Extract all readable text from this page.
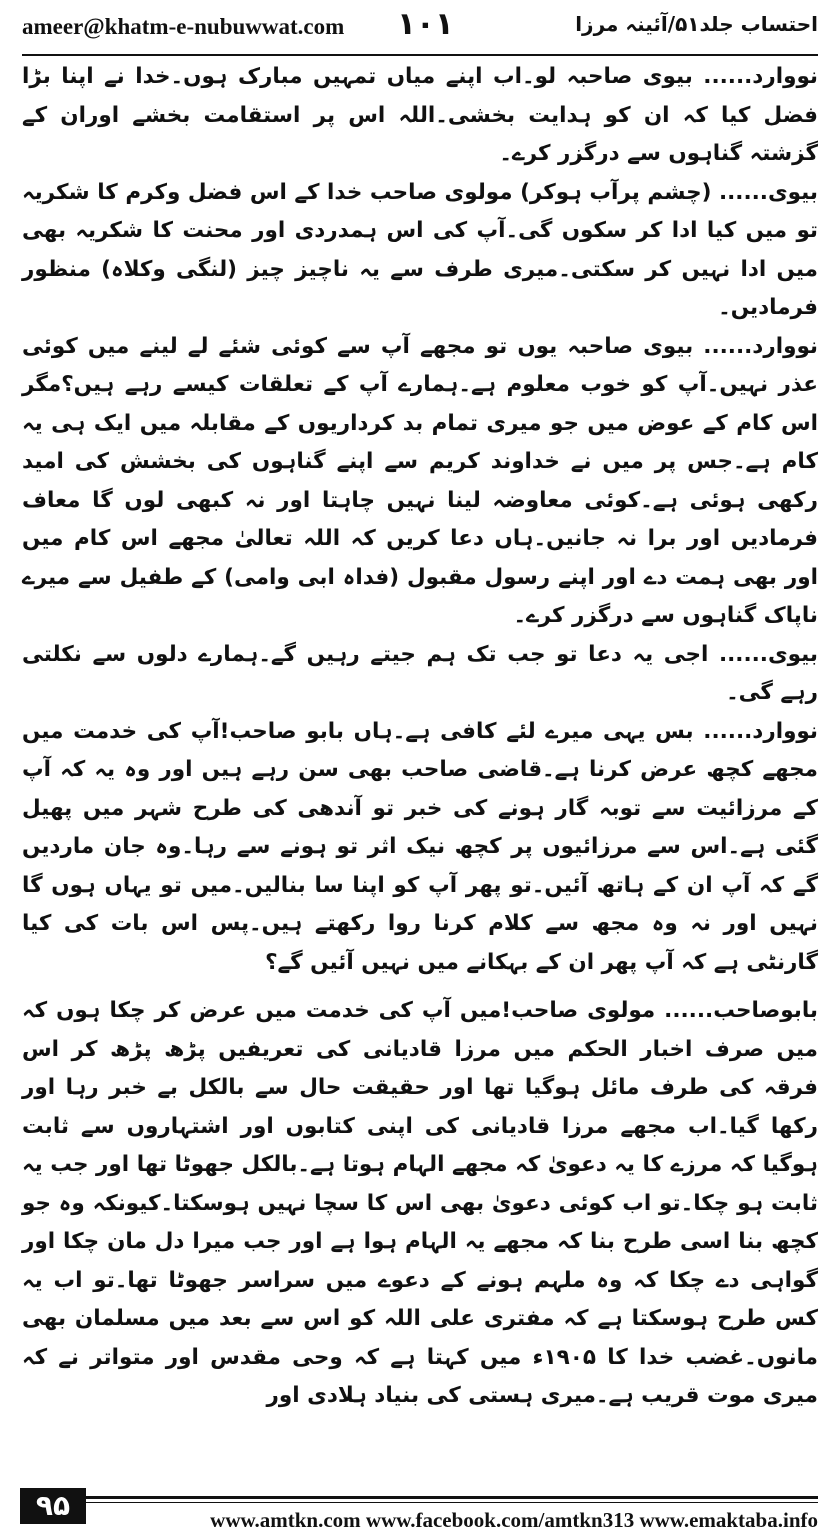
ameer@khatm-e-nubuwwat.com ۱۰۱	احتساب جلد۵۱/آئینہ مرزا

نووارد...... بیوی صاحبہ لو۔اب اپنے میاں تمہیں مبارک ہوں۔خدا نے اپنا بڑا فضل کیا کہ ان کو ہدایت بخشی۔اللہ اس پر استقامت بخشے اوران کے گزشتہ گناہوں سے درگزر کرے۔

بیوی...... (چشم پرآب ہوکر) مولوی صاحب خدا کے اس فضل وکرم کا شکریہ تو میں کیا ادا کر سکوں گی۔آپ کی اس ہمدردی اور محنت کا شکریہ بھی میں ادا نہیں کر سکتی۔میری طرف سے یہ ناچیز چیز (لنگی وکلاہ) منظور فرمادیں۔

نووارد...... بیوی صاحبہ یوں تو مجھے آپ سے کوئی شئے لے لینے میں کوئی عذر نہیں۔آپ کو خوب معلوم ہے۔ہمارے آپ کے تعلقات کیسے رہے ہیں؟مگر اس کام کے عوض میں جو میری تمام بد کرداریوں کے مقابلہ میں ایک ہی یہ کام ہے۔جس پر میں نے خداوند کریم سے اپنے گناہوں کی بخشش کی امید رکھی ہوئی ہے۔کوئی معاوضہ لینا نہیں چاہتا اور نہ کبھی لوں گا معاف فرمادیں اور برا نہ جانیں۔ہاں دعا کریں کہ اللہ تعالیٰ مجھے اس کام میں اور بھی ہمت دے اور اپنے رسول مقبول (فداہ ابی وامی) کے طفیل سے میرے ناپاک گناہوں سے درگزر کرے۔

بیوی...... اجی یہ دعا تو جب تک ہم جیتے رہیں گے۔ہمارے دلوں سے نکلتی رہے گی۔

نووارد...... بس یہی میرے لئے کافی ہے۔ہاں بابو صاحب!آپ کی خدمت میں مجھے کچھ عرض کرنا ہے۔قاضی صاحب بھی سن رہے ہیں اور وہ یہ کہ آپ کے مرزائیت سے توبہ گار ہونے کی خبر تو آندھی کی طرح شہر میں پھیل گئی ہے۔اس سے مرزائیوں پر کچھ نیک اثر تو ہونے سے رہا۔وہ جان ماردیں گے کہ آپ ان کے ہاتھ آئیں۔تو پھر آپ کو اپنا سا بنالیں۔میں تو یہاں ہوں گا نہیں اور نہ وہ مجھ سے کلام کرنا روا رکھتے ہیں۔پس اس بات کی کیا گارنٹی ہے کہ آپ پھر ان کے بہکانے میں نہیں آئیں گے؟

بابوصاحب...... مولوی صاحب!میں آپ کی خدمت میں عرض کر چکا ہوں کہ میں صرف اخبار الحکم میں مرزا قادیانی کی تعریفیں پڑھ پڑھ کر اس فرقہ کی طرف مائل ہوگیا تھا اور حقیقت حال سے بالکل بے خبر رہا اور رکھا گیا۔اب مجھے مرزا قادیانی کی اپنی کتابوں اور اشتہاروں سے ثابت ہوگیا کہ مرزے کا یہ دعویٰ کہ مجھے الہام ہوتا ہے۔بالکل جھوٹا تھا اور جب یہ ثابت ہو چکا۔تو اب کوئی دعویٰ بھی اس کا سچا نہیں ہوسکتا۔کیونکہ وہ جو کچھ بنا اسی طرح بنا کہ مجھے یہ الہام ہوا ہے اور جب میرا دل مان چکا اور گواہی دے چکا کہ وہ ملہم ہونے کے دعوے میں سراسر جھوٹا تھا۔تو اب یہ کس طرح ہوسکتا ہے کہ مفتری علی اللہ کو اس سے بعد میں مسلمان بھی مانوں۔غضب خدا کا ۱۹۰۵ء میں کہتا ہے کہ وحی مقدس اور متواتر نے کہ میری موت قریب ہے۔میری ہستی کی بنیاد ہلادی اور

۹۵	www.amtkn.com www.facebook.com/amtkn313 www.emaktaba.info
